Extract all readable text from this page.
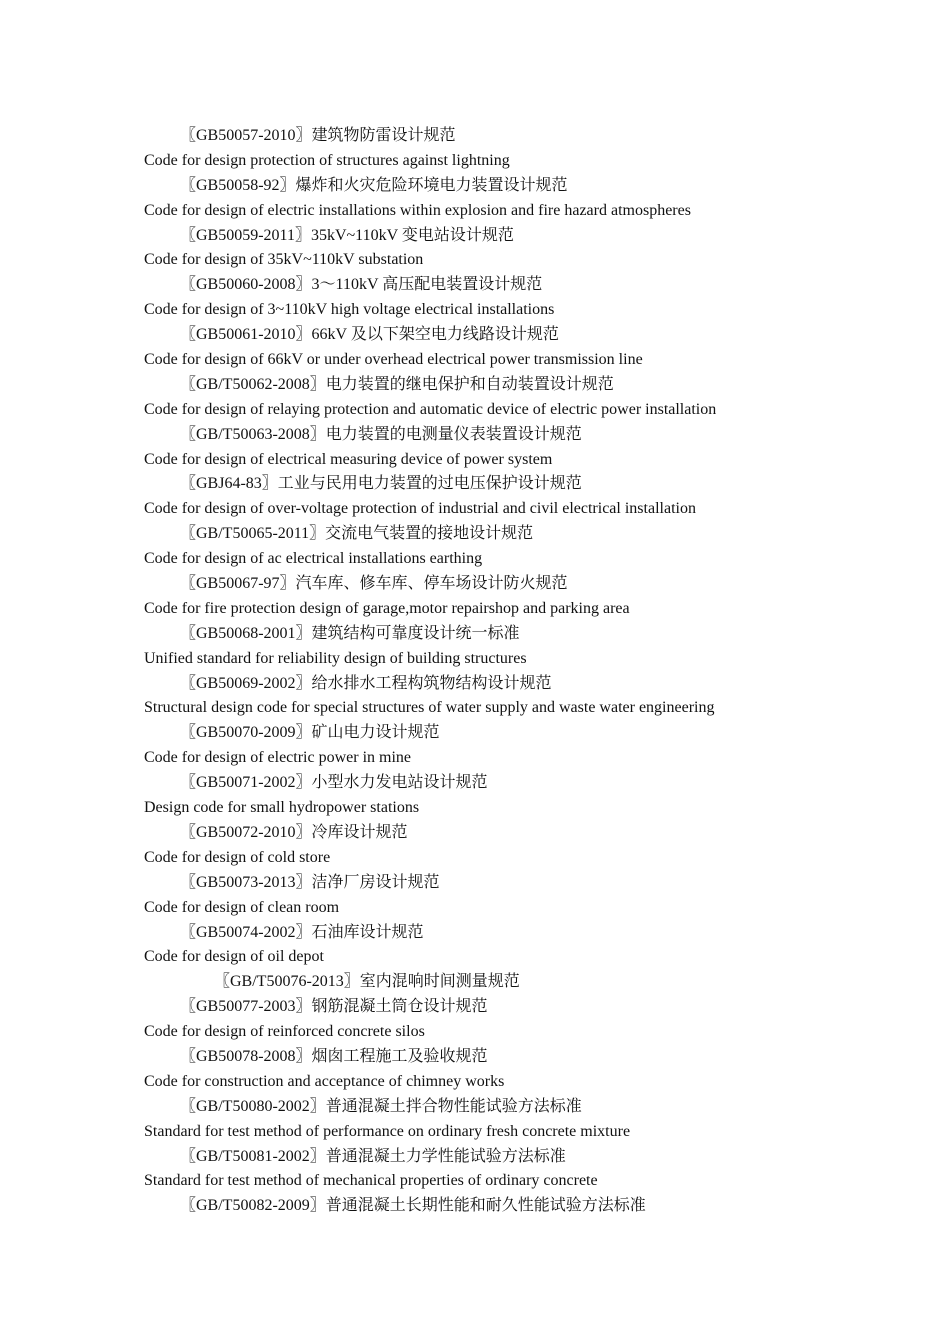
〖GB50057-2010〗建筑物防雷设计规范
Code for design protection of structures against lightning
〖GB50058-92〗爆炸和火灾危险环境电力装置设计规范
Code for design of electric installations within explosion and fire hazard atmospheres
〖GB50059-2011〗35kV~110kV 变电站设计规范
Code for design of 35kV~110kV substation
〖GB50060-2008〗3～110kV 高压配电装置设计规范
Code for design of 3~110kV high voltage electrical installations
〖GB50061-2010〗66kV 及以下架空电力线路设计规范
Code for design of 66kV or under overhead electrical power transmission line
〖GB/T50062-2008〗电力装置的继电保护和自动装置设计规范
Code for design of relaying protection and automatic device of electric power installation
〖GB/T50063-2008〗电力装置的电测量仪表装置设计规范
Code for design of electrical measuring device of power system
〖GBJ64-83〗工业与民用电力装置的过电压保护设计规范
Code for design of over-voltage protection of industrial and civil electrical installation
〖GB/T50065-2011〗交流电气装置的接地设计规范
Code for design of ac electrical installations earthing
〖GB50067-97〗汽车库、修车库、停车场设计防火规范
Code for fire protection design of garage,motor repairshop and parking area
〖GB50068-2001〗建筑结构可靠度设计统一标准
Unified standard for reliability design of building structures
〖GB50069-2002〗给水排水工程构筑物结构设计规范
Structural design code for special structures of water supply and waste water engineering
〖GB50070-2009〗矿山电力设计规范
Code for design of electric power in mine
〖GB50071-2002〗小型水力发电站设计规范
Design code for small hydropower stations
〖GB50072-2010〗冷库设计规范
Code for design of cold store
〖GB50073-2013〗洁净厂房设计规范
Code for design of clean room
〖GB50074-2002〗石油库设计规范
Code for design of oil depot
〖GB/T50076-2013〗室内混响时间测量规范
〖GB50077-2003〗钢筋混凝土筒仓设计规范
Code for design of reinforced concrete silos
〖GB50078-2008〗烟囱工程施工及验收规范
Code for construction and acceptance of chimney works
〖GB/T50080-2002〗普通混凝土拌合物性能试验方法标准
Standard for test method of performance on ordinary fresh concrete mixture
〖GB/T50081-2002〗普通混凝土力学性能试验方法标准
Standard for test method of mechanical properties of ordinary concrete
〖GB/T50082-2009〗普通混凝土长期性能和耐久性能试验方法标准
